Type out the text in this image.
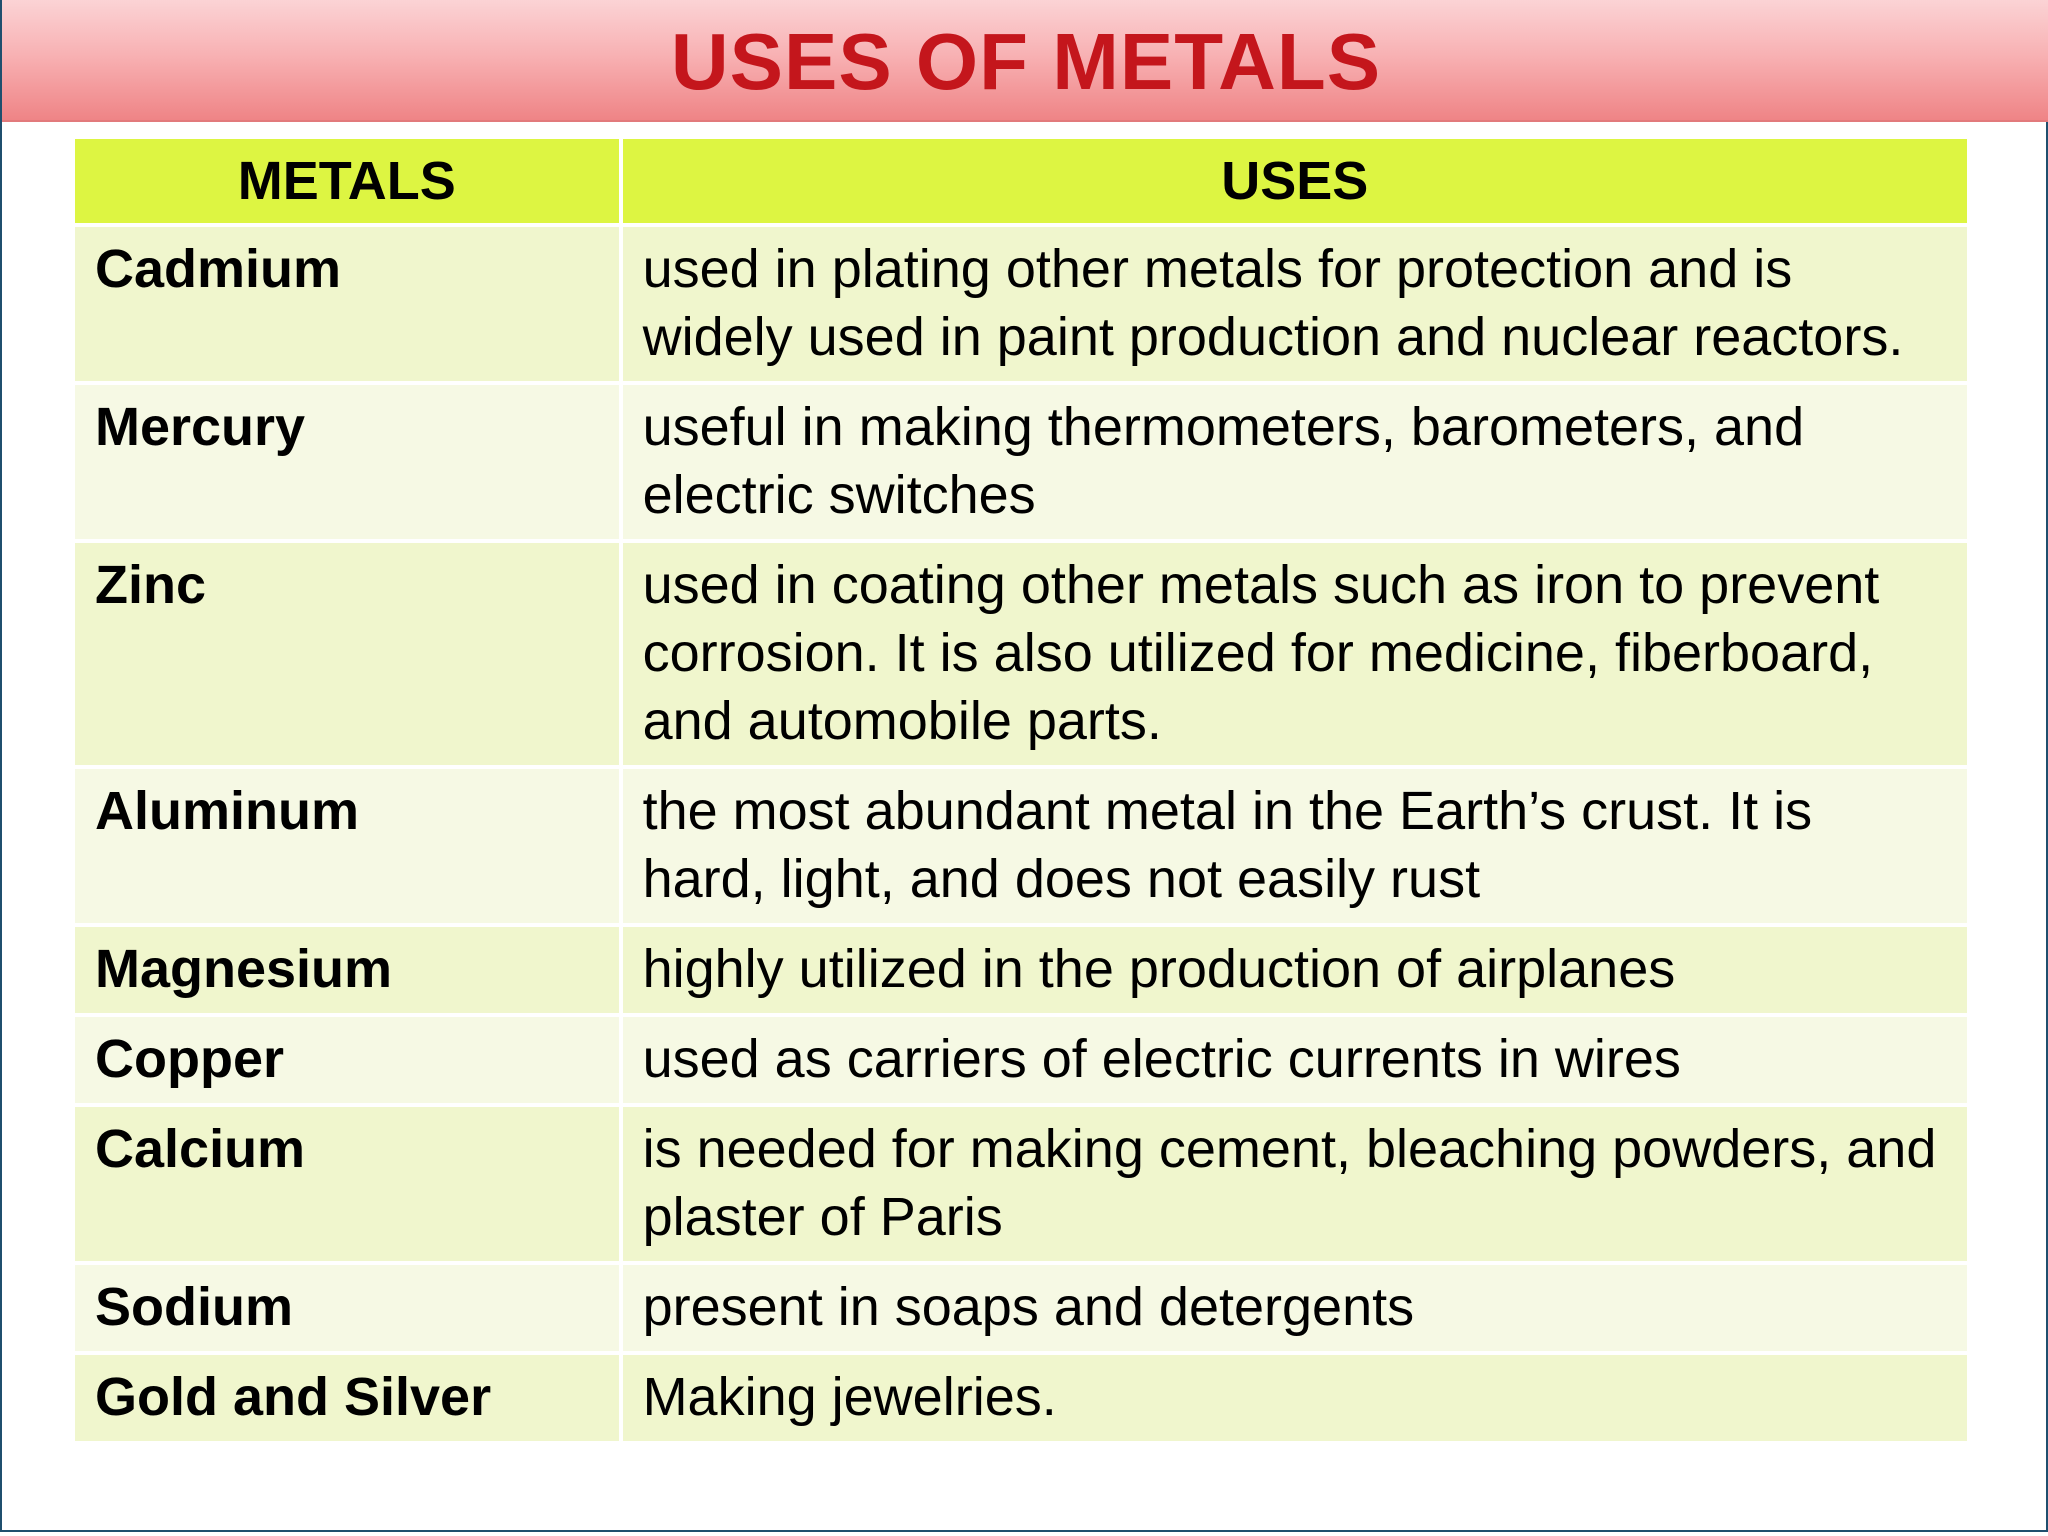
USES OF METALS
METALS	USES
Cadmium	used in plating other metals for protection and is widely used in paint production and nuclear reactors.
Mercury	useful in making thermometers, barometers, and electric switches
Zinc	used in coating other metals such as iron to prevent corrosion. It is also utilized for medicine, fiberboard, and automobile parts.
Aluminum	the most abundant metal in the Earth’s crust. It is hard, light, and does not easily rust
Magnesium	highly utilized in the production of airplanes
Copper	used as carriers of electric currents in wires
Calcium	is needed for making cement, bleaching powders, and plaster of Paris
Sodium	present in soaps and detergents
Gold and Silver	Making jewelries.
